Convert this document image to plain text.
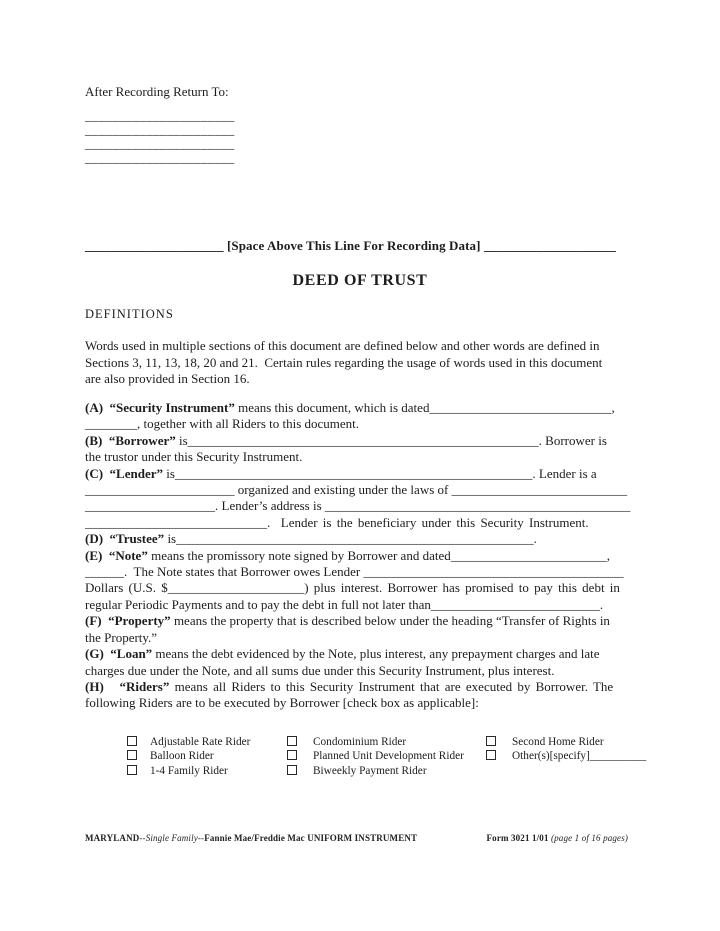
After Recording Return To:
______________________
______________________
______________________
______________________
_____________________ [Space Above This Line For Recording Data] ____________________
DEED OF TRUST
DEFINITIONS
Words used in multiple sections of this document are defined below and other words are defined in
Sections 3, 11, 13, 18, 20 and 21.  Certain rules regarding the usage of words used in this document
are also provided in Section 16.
(A)  “Security Instrument” means this document, which is dated____________________________,
________, together with all Riders to this document.
(B)  “Borrower” is______________________________________________________. Borrower is
the trustor under this Security Instrument.
(C)  “Lender” is_______________________________________________________. Lender is a
_______________________ organized and existing under the laws of ___________________________
____________________. Lender’s address is _______________________________________________
____________________________.  Lender is the beneficiary under this Security Instrument.
(D)  “Trustee” is_______________________________________________________.
(E)  “Note” means the promissory note signed by Borrower and dated________________________,
______.  The Note states that Borrower owes Lender ________________________________________
Dollars (U.S. $_____________________) plus interest. Borrower has promised to pay this debt in
regular Periodic Payments and to pay the debt in full not later than__________________________.
(F)  “Property” means the property that is described below under the heading “Transfer of Rights in
the Property.”
(G)  “Loan” means the debt evidenced by the Note, plus interest, any prepayment charges and late
charges due under the Note, and all sums due under this Security Instrument, plus interest.
(H)   “Riders” means all Riders to this Security Instrument that are executed by Borrower. The
following Riders are to be executed by Borrower [check box as applicable]:
Adjustable Rate Rider
Balloon Rider
1-4 Family Rider
Condominium Rider
Planned Unit Development Rider
Biweekly Payment Rider
Second Home Rider
Other(s)[specify]__________
MARYLAND--Single Family--Fannie Mae/Freddie Mac UNIFORM INSTRUMENT	Form 3021 1/01 (page 1 of 16 pages)
